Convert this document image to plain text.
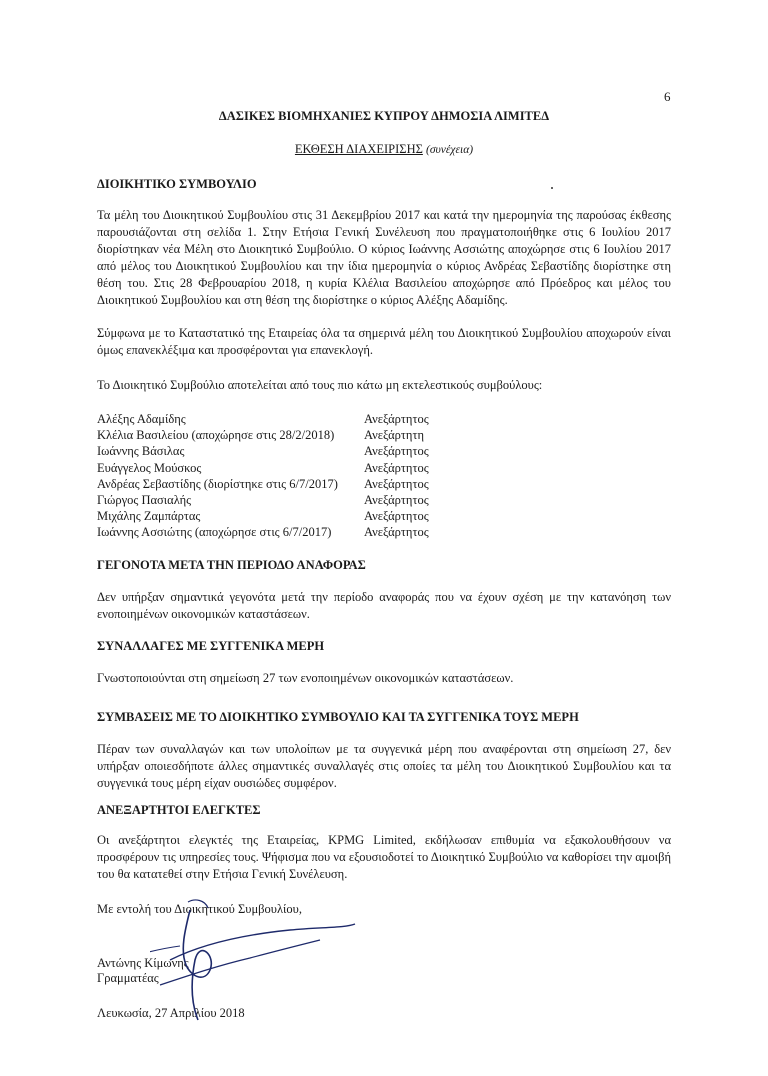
6
ΔΑΣΙΚΕΣ ΒΙΟΜΗΧΑΝΙΕΣ ΚΥΠΡΟΥ ΔΗΜΟΣΙΑ ΛΙΜΙΤΕΔ
ΕΚΘΕΣΗ ΔΙΑΧΕΙΡΙΣΗΣ (συνέχεια)
ΔΙΟΙΚΗΤΙΚΟ ΣΥΜΒΟΥΛΙΟ
Τα μέλη του Διοικητικού Συμβουλίου στις 31 Δεκεμβρίου 2017 και κατά την ημερομηνία της παρούσας έκθεσης παρουσιάζονται στη σελίδα 1. Στην Ετήσια Γενική Συνέλευση που πραγματοποιήθηκε στις 6 Ιουλίου 2017 διορίστηκαν νέα Μέλη στο Διοικητικό Συμβούλιο. Ο κύριος Ιωάννης Ασσιώτης αποχώρησε στις 6 Ιουλίου 2017 από μέλος του Διοικητικού Συμβουλίου και την ίδια ημερομηνία ο κύριος Ανδρέας Σεβαστίδης διορίστηκε στη θέση του. Στις 28 Φεβρουαρίου 2018, η κυρία Κλέλια Βασιλείου αποχώρησε από Πρόεδρος και μέλος του Διοικητικού Συμβουλίου και στη θέση της διορίστηκε ο κύριος Αλέξης Αδαμίδης.
Σύμφωνα με το Καταστατικό της Εταιρείας όλα τα σημερινά μέλη του Διοικητικού Συμβουλίου αποχωρούν είναι όμως επανεκλέξιμα και προσφέρονται για επανεκλογή.
Το Διοικητικό Συμβούλιο αποτελείται από τους πιο κάτω μη εκτελεστικούς συμβούλους:
Αλέξης Αδαμίδης	Ανεξάρτητος
Κλέλια Βασιλείου (αποχώρησε στις 28/2/2018) Ανεξάρτητη
Ιωάννης Βάσιλας	Ανεξάρτητος
Ευάγγελος Μούσκος	Ανεξάρτητος
Ανδρέας Σεβαστίδης (διορίστηκε στις 6/7/2017) Ανεξάρτητος
Γιώργος Πασιαλής	Ανεξάρτητος
Μιχάλης Ζαμπάρτας	Ανεξάρτητος
Ιωάννης Ασσιώτης (αποχώρησε στις 6/7/2017)	Ανεξάρτητος
ΓΕΓΟΝΟΤΑ ΜΕΤΑ ΤΗΝ ΠΕΡΙΟΔΟ ΑΝΑΦΟΡΑΣ
Δεν υπήρξαν σημαντικά γεγονότα μετά την περίοδο αναφοράς που να έχουν σχέση με την κατανόηση των ενοποιημένων οικονομικών καταστάσεων.
ΣΥΝΑΛΛΑΓΕΣ ΜΕ ΣΥΓΓΕΝΙΚΑ ΜΕΡΗ
Γνωστοποιούνται στη σημείωση 27 των ενοποιημένων οικονομικών καταστάσεων.
ΣΥΜΒΑΣΕΙΣ ΜΕ ΤΟ ΔΙΟΙΚΗΤΙΚΟ ΣΥΜΒΟΥΛΙΟ ΚΑΙ ΤΑ ΣΥΓΓΕΝΙΚΑ ΤΟΥΣ ΜΕΡΗ
Πέραν των συναλλαγών και των υπολοίπων με τα συγγενικά μέρη που αναφέρονται στη σημείωση 27, δεν υπήρξαν οποιεσδήποτε άλλες σημαντικές συναλλαγές στις οποίες τα μέλη του Διοικητικού Συμβουλίου και τα συγγενικά τους μέρη είχαν ουσιώδες συμφέρον.
ΑΝΕΞΑΡΤΗΤΟΙ ΕΛΕΓΚΤΕΣ
Οι ανεξάρτητοι ελεγκτές της Εταιρείας, KPMG Limited, εκδήλωσαν επιθυμία να εξακολουθήσουν να προσφέρουν τις υπηρεσίες τους. Ψήφισμα που να εξουσιοδοτεί το Διοικητικό Συμβούλιο να καθορίσει την αμοιβή του θα κατατεθεί στην Ετήσια Γενική Συνέλευση.
Με εντολή του Διοικητικού Συμβουλίου,
Αντώνης Κίμωνης
Γραμματέας
Λευκωσία, 27 Απριλίου 2018
